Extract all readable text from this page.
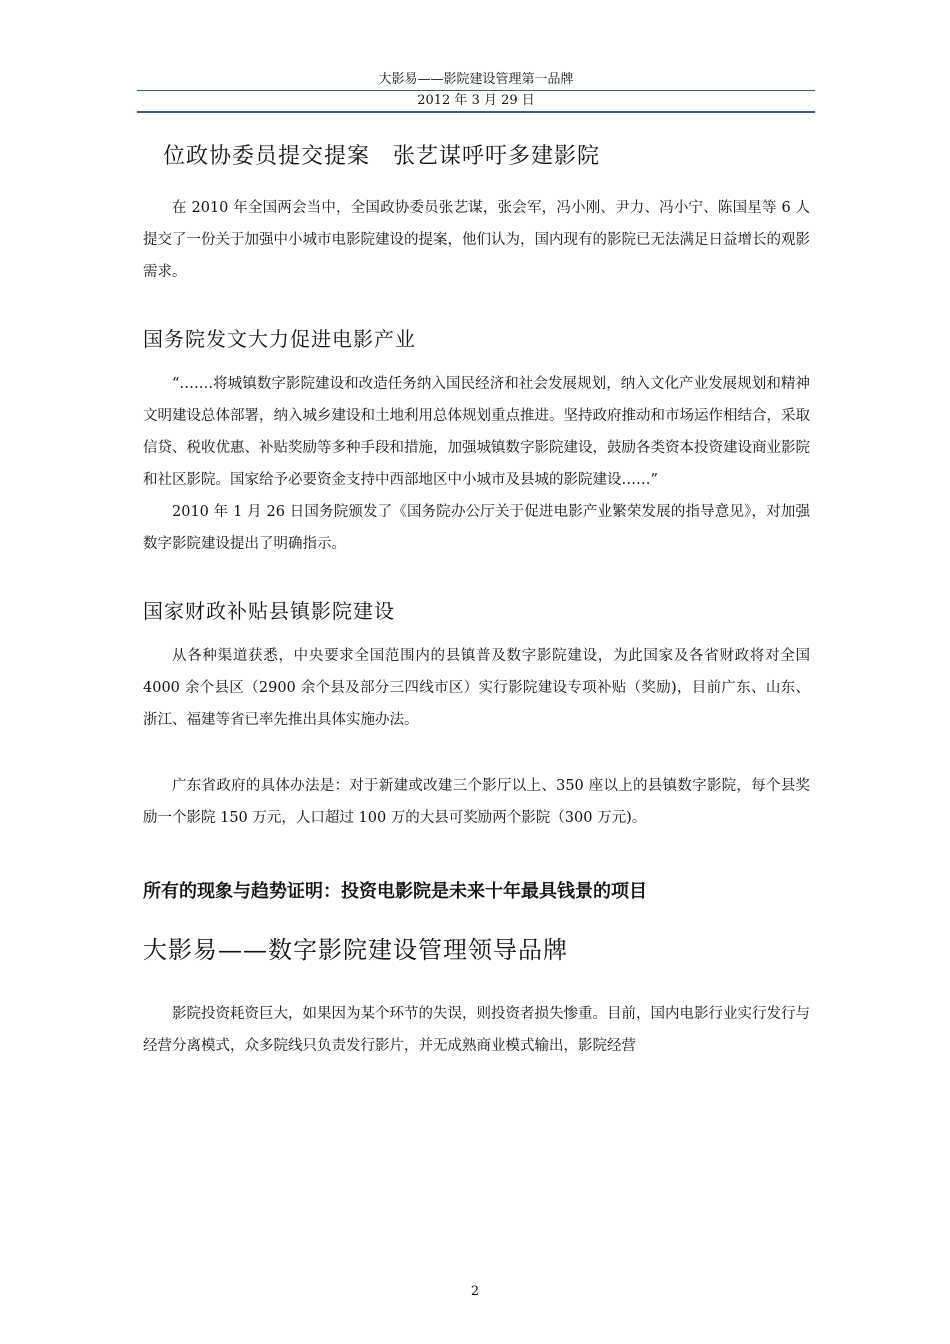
大影易——影院建设管理第一品牌
2012 年 3 月 29 日
位政协委员提交提案　张艺谋呼吁多建影院

在 2010 年全国两会当中，全国政协委员张艺谋，张会军，冯小刚、尹力、冯小宁、陈国星等 6 人提交了一份关于加强中小城市电影院建设的提案，他们认为，国内现有的影院已无法满足日益增长的观影需求。

国务院发文大力促进电影产业

“…….将城镇数字影院建设和改造任务纳入国民经济和社会发展规划，纳入文化产业发展规划和精神文明建设总体部署，纳入城乡建设和土地利用总体规划重点推进。坚持政府推动和市场运作相结合，采取信贷、税收优惠、补贴奖励等多种手段和措施，加强城镇数字影院建设，鼓励各类资本投资建设商业影院和社区影院。国家给予必要资金支持中西部地区中小城市及县城的影院建设……”

2010 年 1 月 26 日国务院颁发了《国务院办公厅关于促进电影产业繁荣发展的指导意见》，对加强数字影院建设提出了明确指示。

国家财政补贴县镇影院建设

从各种渠道获悉，中央要求全国范围内的县镇普及数字影院建设，为此国家及各省财政将对全国 4000 余个县区（2900 余个县及部分三四线市区）实行影院建设专项补贴（奖励)，目前广东、山东、浙江、福建等省已率先推出具体实施办法。

广东省政府的具体办法是：对于新建或改建三个影厅以上、350 座以上的县镇数字影院，每个县奖励一个影院 150 万元，人口超过 100 万的大县可奖励两个影院（300 万元)。

所有的现象与趋势证明：投资电影院是未来十年最具钱景的项目
大影易——数字影院建设管理领导品牌

影院投资耗资巨大，如果因为某个环节的失误，则投资者损失惨重。目前，国内电影行业实行发行与经营分离模式，众多院线只负责发行影片，并无成熟商业模式输出，影院经营

2
